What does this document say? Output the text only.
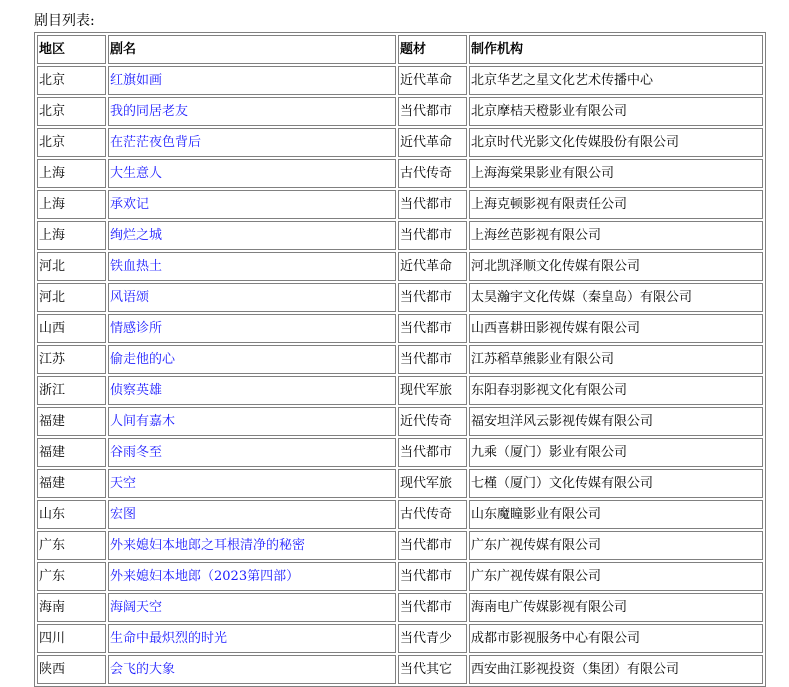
剧目列表:
地区	剧名	题材	制作机构
北京	红旗如画	近代革命	北京华艺之星文化艺术传播中心
北京	我的同居老友	当代都市	北京摩桔天橙影业有限公司
北京	在茫茫夜色背后	近代革命	北京时代光影文化传媒股份有限公司
上海	大生意人	古代传奇	上海海棠果影业有限公司
上海	承欢记	当代都市	上海克顿影视有限责任公司
上海	绚烂之城	当代都市	上海丝芭影视有限公司
河北	铁血热土	近代革命	河北凯泽顺文化传媒有限公司
河北	风语颂	当代都市	太昊瀚宇文化传媒（秦皇岛）有限公司
山西	情感诊所	当代都市	山西喜耕田影视传媒有限公司
江苏	偷走他的心	当代都市	江苏稻草熊影业有限公司
浙江	侦察英雄	现代军旅	东阳春羽影视文化有限公司
福建	人间有嘉木	近代传奇	福安坦洋风云影视传媒有限公司
福建	谷雨冬至	当代都市	九乘（厦门）影业有限公司
福建	天空	现代军旅	七槿（厦门）文化传媒有限公司
山东	宏图	古代传奇	山东魔瞳影业有限公司
广东	外来媳妇本地郎之耳根清净的秘密	当代都市	广东广视传媒有限公司
广东	外来媳妇本地郎（2023第四部）	当代都市	广东广视传媒有限公司
海南	海阔天空	当代都市	海南电广传媒影视有限公司
四川	生命中最炽烈的时光	当代青少	成都市影视服务中心有限公司
陕西	会飞的大象	当代其它	西安曲江影视投资（集团）有限公司
